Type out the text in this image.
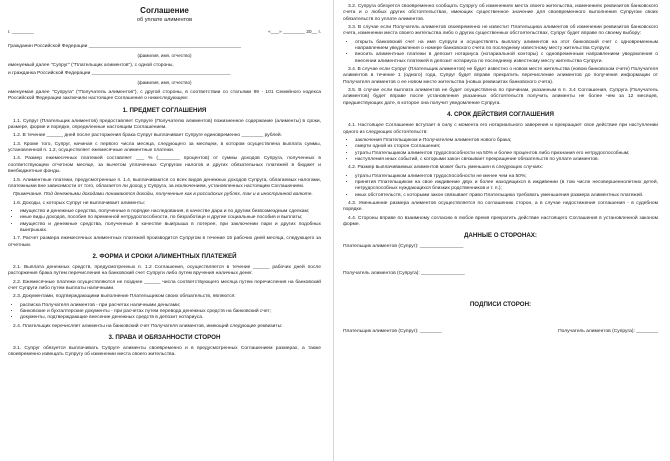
Соглашение
об уплате алиментов
г. ________	«___» ________ 20__ г.

Гражданин Российской Федерации ________________________________________________________

(фамилия, имя, отчество)

именуемый далее "Супруг" ("Плательщик алиментов"), с одной стороны,

и гражданка Российской Федерации ___________________________________________________

(фамилия, имя, отчество)

именуемая далее "Супруга" ("Получатель алиментов"), с другой стороны, в соответствии со статьями 99 - 101 Семейного кодекса Российской Федерации заключили настоящее Соглашение о нижеследующем:

1. ПРЕДМЕТ СОГЛАШЕНИЯ

1.1. Супруг (Плательщик алиментов) предоставляет Супруге (Получателю алиментов) пожизненное содержание (алименты) в сроки, размере, форме и порядке, определенные настоящим Соглашением.

1.2. В течение ______ дней после расторжения брака Супруг выплачивает Супруге единовременно ________ рублей.

1.3. Кроме того, Супруг, начиная с первого числа месяца, следующего за месяцем, в котором осуществлена выплата суммы, установленной п. 1.2, осуществляет ежемесячные алиментные платежи.

1.4. Размер ежемесячных платежей составляет ___ % (________ процентов) от суммы доходов Супруга, полученных в соответствующем отчетном месяце, за вычетом уплаченных Супругом налогов и других обязательных платежей в бюджет и внебюджетные фонды.

1.5. Алиментные платежи, предусмотренные п. 1.4, выплачиваются со всех видов денежных доходов Супруга, облагаемых налогами, платежными вне зависимости от того, облагается ли доход у Супруга, за исключением, установленных настоящим Соглашением.

Примечание. Под денежными доходами понимаются доходы, полученные как в российских рублях, так и в иностранной валюте.

1.6. Доходы, с которых Супруг не выплачивает алименты:

• имущество и денежные средства, полученные в порядке наследования, в качестве дара и по другим безвозмездным сделкам;
• иные виды доходов, пособия по временной нетрудоспособности, по безработице и другие социальные пособия и выплаты;
• имущество и денежные средства, полученные в качестве выигрыша в лотерее, при заключении пари и других подобных выигрышах.

1.7. Расчет размера ежемесячных алиментных платежей производится Супругом в течение 15 рабочих дней месяца, следующего за отчетным.

2. ФОРМА И СРОКИ АЛИМЕНТНЫХ ПЛАТЕЖЕЙ

2.1. Выплата денежных средств, предусмотренных п. 1.2 Соглашения, осуществляется в течение ______ рабочих дней после расторжения брака путем перечисления на банковский счет Супруги либо путем вручения наличных денег.

2.2. Ежемесячные платежи осуществляются не позднее ______ числа соответствующего месяца путем перечисления на банковский счет Супруги либо путем выплаты наличными.

2.3. Документами, подтверждающими выполнение Плательщиком своих обязательств, являются:

• расписка Получателя алиментов - при расчетах наличными деньгами;
• банковские и бухгалтерские документы - при расчетах путем перевода денежных средств на банковский счет;
• документы, подтверждающие внесение денежных средств в депозит нотариуса.

2.4. Плательщик перечисляет алименты на банковский счет Получателя алиментов, имеющий следующие реквизиты:

3. ПРАВА И ОБЯЗАННОСТИ СТОРОН

3.1. Супруг обязуется выплачивать Супруге алименты своевременно и в предусмотренных Соглашением размерах, а также своевременно извещать Супругу об изменении места своего жительства.

3.2. Супруга обязуется своевременно сообщать Супругу об изменениях места своего жительства, изменениях реквизитов банковского счета и о любых других обстоятельствах, имеющих существенное значение для своевременного выполнения Супругом своих обязательств по уплате алиментов.

3.3. В случае если Получатель алиментов своевременно не известит Плательщика алиментов об изменении реквизитов банковского счета, изменении места своего жительства либо о других существенных обстоятельствах, Супруг будет вправе по своему выбору:

• открыть банковский счет на имя Супруги и осуществлять выплату алиментов на этот банковский счет с одновременным направлением уведомления о номере банковского счета по последнему известному месту жительства Супруги;
• вносить алиментные платежи в депозит нотариуса (нотариальной конторы) с одновременным направлением уведомления о внесении алиментных платежей в депозит нотариуса по последнему известному месту жительства Супруги.

3.4. В случае если Супруг (Плательщик алиментов) не будет известно о новом месте жительства (новом банковском счете) Получателя алиментов в течение 1 (одного) года, Супруг будет вправе прекратить перечисление алиментов до получения информации от Получателя алиментов о ее новом месте жительства (новых реквизитах банковского счета).

3.5. В случае если выплата алиментов не будет осуществлена по причинам, указанным в п. 3.4 Соглашения, Супруга (Получатель алиментов) будет вправе после установления указанных обстоятельств получить алименты не более чем за 12 месяцев, предшествующих дате, в которое она получит уведомление Супруга.

4. СРОК ДЕЙСТВИЯ СОГЛАШЕНИЯ

4.1. Настоящее Соглашение вступает в силу с момента его нотариального заверения и прекращает свое действие при наступлении одного из следующих обстоятельств:

• заключения Плательщиком и Получателем алиментов нового брака;
• смерти одной из сторон Соглашения;
• утраты Плательщиком алиментов трудоспособности на 50% и более процентов либо признания его нетрудоспособным;
• наступления иных событий, с которыми закон связывает прекращение обязательств по уплате алиментов.

4.2. Размер выплачиваемых алиментов может быть уменьшен в следующих случаях:

• утраты Плательщиком алиментов трудоспособности не менее чем на 50%;
• принятия Плательщиком на свое иждивение двух и более находящихся в иждивении (в том числе несовершеннолетних детей, нетрудоспособных нуждающихся близких родственников и т. п.);
• иных обстоятельств, с которыми закон связывает право Плательщика требовать уменьшения размера алиментных платежей.

4.3. Уменьшение размера алиментов осуществляется по соглашению сторон, а в случае недостижения соглашения - в судебном порядке.

4.4. Стороны вправе по взаимному согласию в любое время прекратить действие настоящего Соглашения в установленной законом форме.

ДАННЫЕ О СТОРОНАХ:

Плательщик алиментов (Супруг): ________________

Получатель алиментов (Супруга): ________________

ПОДПИСИ СТОРОН:
Плательщик алиментов (Супруг): ________	Получатель алиментов (Супруга): ________
